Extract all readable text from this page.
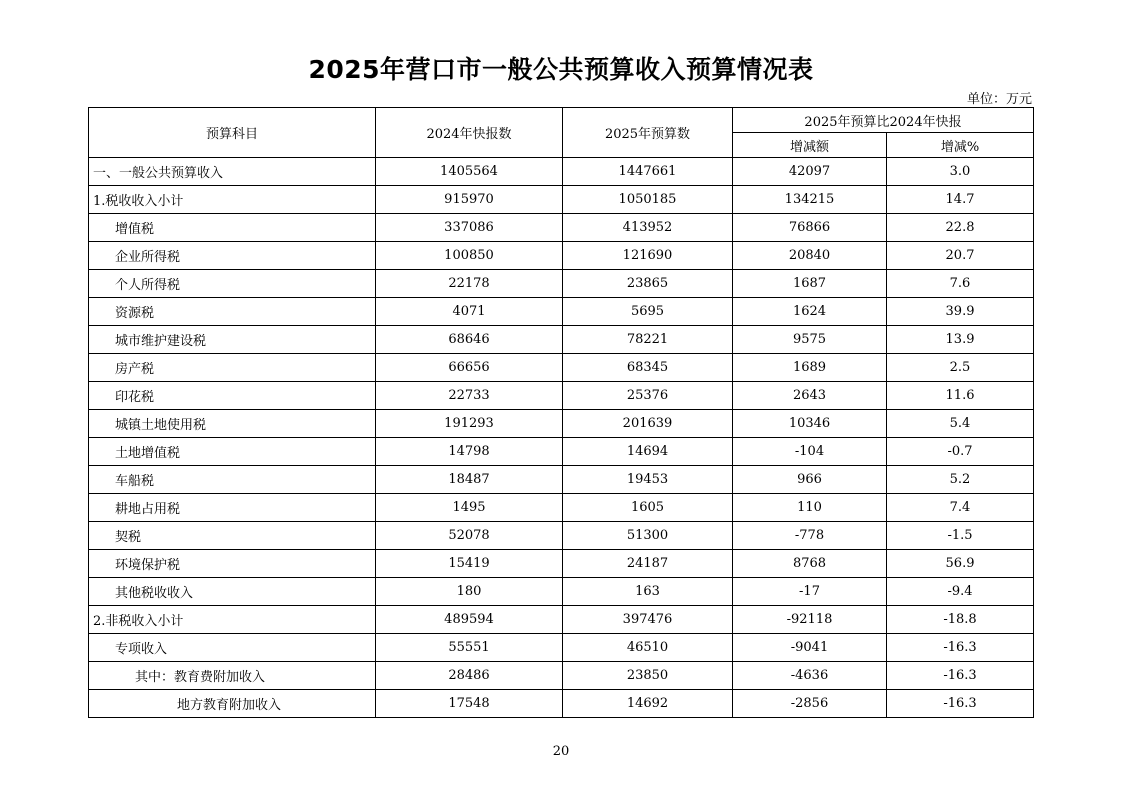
2025年营口市一般公共预算收入预算情况表
单位：万元
预算科目	2024年快报数	2025年预算数	2025年预算比2024年快报	
			增减额	增减%
一、一般公共预算收入	1405564	1447661	42097	3.0
1.税收收入小计	915970	1050185	134215	14.7
增值税	337086	413952	76866	22.8
企业所得税	100850	121690	20840	20.7
个人所得税	22178	23865	1687	7.6
资源税	4071	5695	1624	39.9
城市维护建设税	68646	78221	9575	13.9
房产税	66656	68345	1689	2.5
印花税	22733	25376	2643	11.6
城镇土地使用税	191293	201639	10346	5.4
土地增值税	14798	14694	-104	-0.7
车船税	18487	19453	966	5.2
耕地占用税	1495	1605	110	7.4
契税	52078	51300	-778	-1.5
环境保护税	15419	24187	8768	56.9
其他税收收入	180	163	-17	-9.4
2.非税收入小计	489594	397476	-92118	-18.8
专项收入	55551	46510	-9041	-16.3
其中：教育费附加收入	28486	23850	-4636	-16.3
地方教育附加收入	17548	14692	-2856	-16.3
20
